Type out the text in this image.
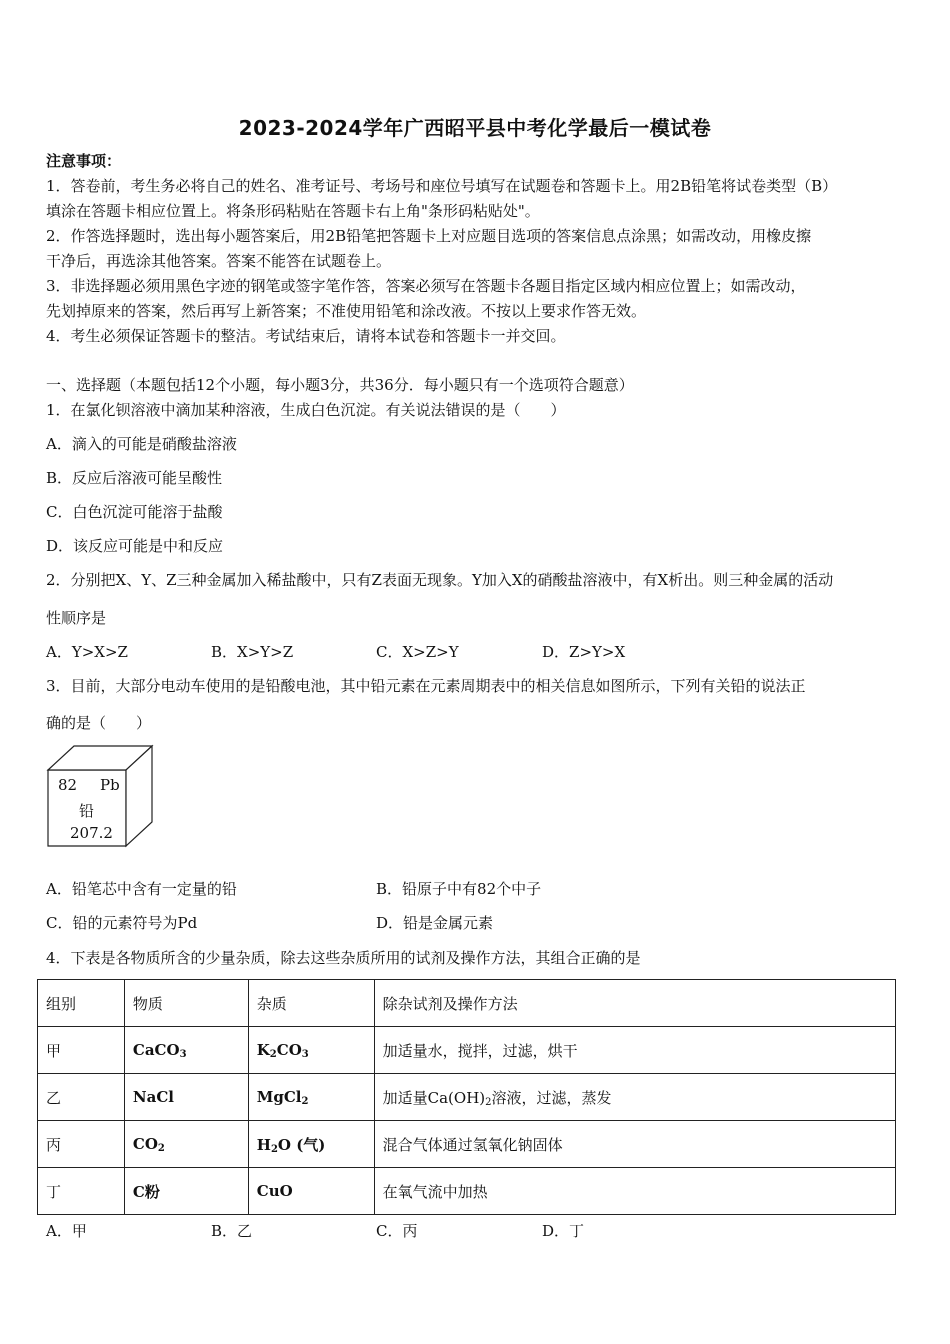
2023-2024学年广西昭平县中考化学最后一模试卷
注意事项：
1．答卷前，考生务必将自己的姓名、准考证号、考场号和座位号填写在试题卷和答题卡上。用2B铅笔将试卷类型（B）
填涂在答题卡相应位置上。将条形码粘贴在答题卡右上角"条形码粘贴处"。
2．作答选择题时，选出每小题答案后，用2B铅笔把答题卡上对应题目选项的答案信息点涂黑；如需改动，用橡皮擦
干净后，再选涂其他答案。答案不能答在试题卷上。
3．非选择题必须用黑色字迹的钢笔或签字笔作答，答案必须写在答题卡各题目指定区域内相应位置上；如需改动，
先划掉原来的答案，然后再写上新答案；不准使用铅笔和涂改液。不按以上要求作答无效。
4．考生必须保证答题卡的整洁。考试结束后，请将本试卷和答题卡一并交回。
一、选择题（本题包括12个小题，每小题3分，共36分．每小题只有一个选项符合题意）
1．在氯化钡溶液中滴加某种溶液，生成白色沉淀。有关说法错误的是（　　）
A．滴入的可能是硝酸盐溶液
B．反应后溶液可能呈酸性
C．白色沉淀可能溶于盐酸
D．该反应可能是中和反应
2．分别把X、Y、Z三种金属加入稀盐酸中，只有Z表面无现象。Y加入X的硝酸盐溶液中，有X析出。则三种金属的活动
性顺序是
A．Y>X>Z	B．X>Y>Z	C．X>Z>Y	D．Z>Y>X
3．目前，大部分电动车使用的是铅酸电池，其中铅元素在元素周期表中的相关信息如图所示，下列有关铅的说法正
确的是（　　）
82 Pb
铅
207.2
A．铅笔芯中含有一定量的铅	B．铅原子中有82个中子
C．铅的元素符号为Pd	D．铅是金属元素
4．下表是各物质所含的少量杂质，除去这些杂质所用的试剂及操作方法，其组合正确的是
组别	物质	杂质	除杂试剂及操作方法
甲	CaCO$_3$	$K_2CO_3$	加适量水，搅拌，过滤，烘干
乙	NaCl	MgCl$_2$	加适量$Ca(OH)_2$溶液，过滤，蒸发
丙	$CO_2$	$H_2O$ (气)	混合气体通过氢氧化钠固体
丁	C粉	CuO	在氧气流中加热
A．甲	B．乙	C．丙	D．丁
